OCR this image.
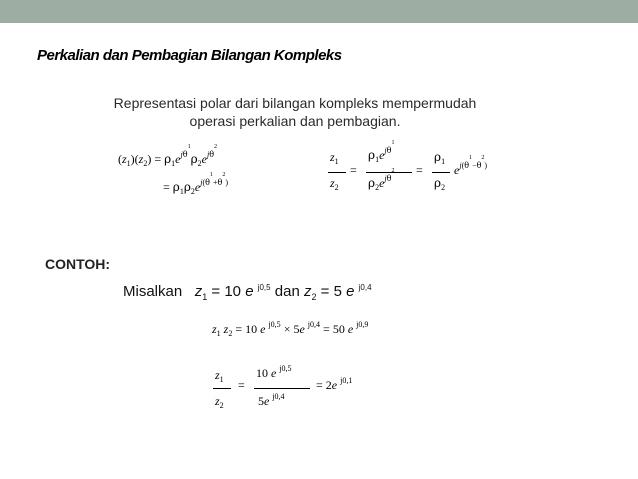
Perkalian dan Pembagian Bilangan Kompleks
Representasi polar dari bilangan kompleks mempermudah
operasi perkalian dan pembagian.
$(z_1)(z_2) = \rho_1e^{j\theta^1}\rho_2e^{j\theta^2}$
= $\rho_1\rho_2e^{j(\theta^1+\theta^2)}$
$z_1$
$z_2$
=
$\rho_1e^{j\theta^1}$
$\rho_2e^{j\theta^2}$ =
$\rho_1$
$\rho_2$
$e^{j(\theta^1-\theta^2)}$
CONTOH:
Misalkan $z_1 = 10$ e $^{j0,5}$ dan $z_2 = 5$ e $^{j0,4}$
$z_1$ $z_2 = 10$ e $^{j0,5}$ × 5e $^{j0,4}$ = 50 e $^{j0,9}$
$z_1$
$z_2$
=
10 e $^{j0,5}$
5e $^{j0,4}$
= 2e $^{j0,1}$
